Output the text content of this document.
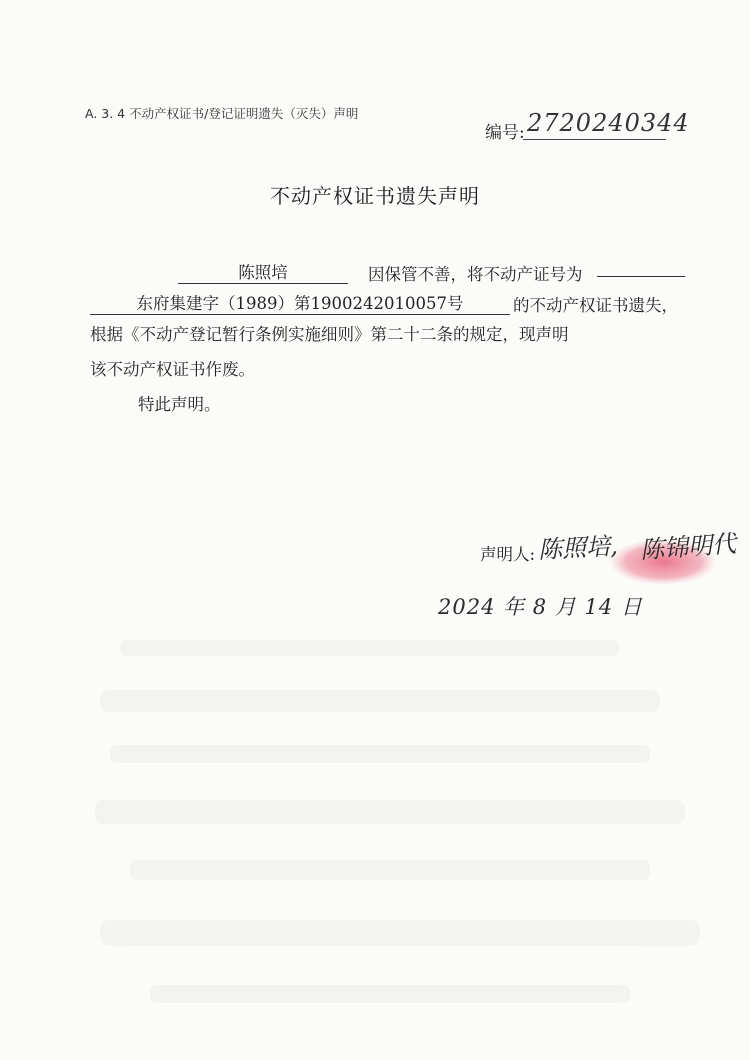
A. 3. 4 不动产权证书/登记证明遗失（灭失）声明
编号: 2720240344
不动产权证书遗失声明
陈照培	因保管不善，将不动产证号为
东府集建字（1989）第1900242010057号	的不动产权证书遗失，
根据《不动产登记暂行条例实施细则》第二十二条的规定，现声明
该不动产权证书作废。
特此声明。
声明人: 陈照培, 陈锦明代
2024 年 8 月 14 日
